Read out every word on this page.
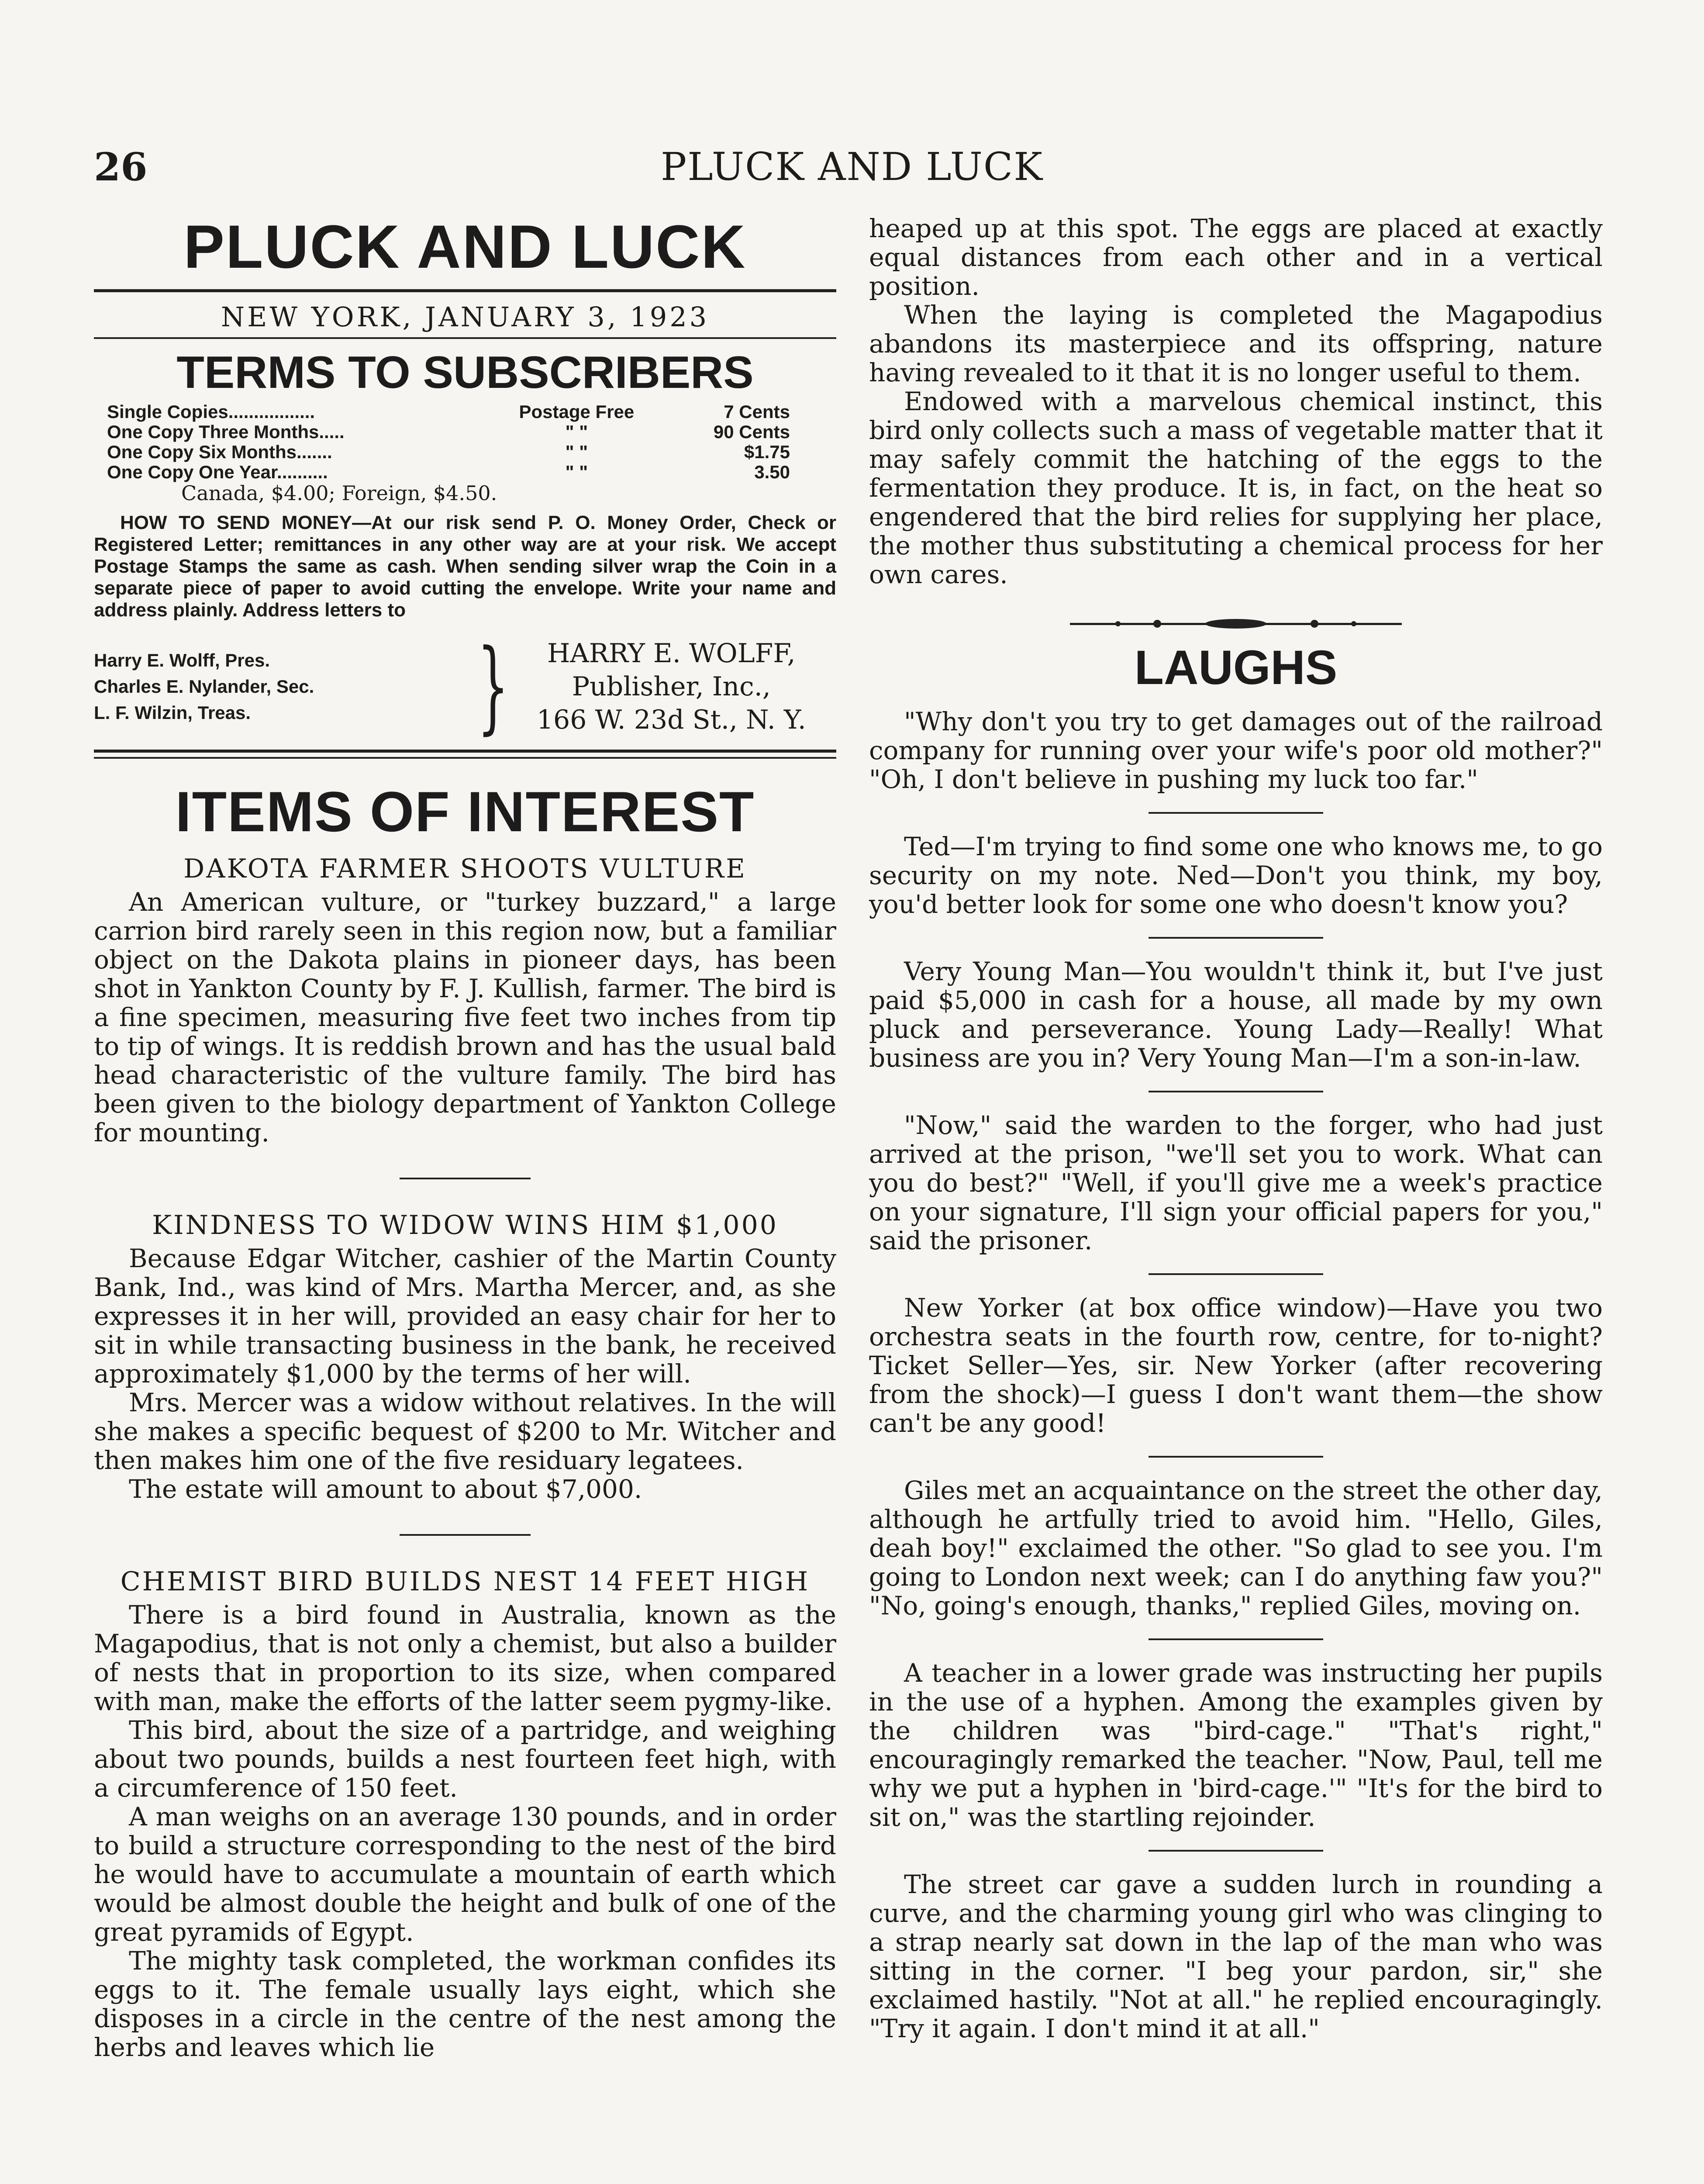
26	PLUCK AND LUCK
PLUCK AND LUCK
NEW YORK, JANUARY 3, 1923
TERMS TO SUBSCRIBERS
Single Copies.................	Postage Free	7 Cents
One Copy Three Months.....	" "	90 Cents
One Copy Six Months.......	" "	$1.75
One Copy One Year..........	" "	3.50
Canada, $4.00; Foreign, $4.50.
HOW TO SEND MONEY—At our risk send P. O. Money Order, Check or Registered Letter; remittances in any other way are at your risk. We accept Postage Stamps the same as cash. When sending silver wrap the Coin in a separate piece of paper to avoid cutting the envelope. Write your name and address plainly. Address letters to
Harry E. Wolff, Pres.
Charles E. Nylander, Sec.
L. F. Wilzin, Treas.	}	HARRY E. WOLFF,
Publisher, Inc.,
166 W. 23d St., N. Y.
ITEMS OF INTEREST
DAKOTA FARMER SHOOTS VULTURE

An American vulture, or "turkey buzzard," a large carrion bird rarely seen in this region now, but a familiar object on the Dakota plains in pioneer days, has been shot in Yankton County by F. J. Kullish, farmer. The bird is a fine specimen, measuring five feet two inches from tip to tip of wings. It is reddish brown and has the usual bald head characteristic of the vulture family. The bird has been given to the biology department of Yankton College for mounting.

KINDNESS TO WIDOW WINS HIM $1,000

Because Edgar Witcher, cashier of the Martin County Bank, Ind., was kind of Mrs. Martha Mercer, and, as she expresses it in her will, provided an easy chair for her to sit in while transacting business in the bank, he received approximately $1,000 by the terms of her will.

Mrs. Mercer was a widow without relatives. In the will she makes a specific bequest of $200 to Mr. Witcher and then makes him one of the five residuary legatees.

The estate will amount to about $7,000.

CHEMIST BIRD BUILDS NEST 14 FEET HIGH

There is a bird found in Australia, known as the Magapodius, that is not only a chemist, but also a builder of nests that in proportion to its size, when compared with man, make the efforts of the latter seem pygmy-like.

This bird, about the size of a partridge, and weighing about two pounds, builds a nest fourteen feet high, with a circumference of 150 feet.

A man weighs on an average 130 pounds, and in order to build a structure corresponding to the nest of the bird he would have to accumulate a mountain of earth which would be almost double the height and bulk of one of the great pyramids of Egypt.

The mighty task completed, the workman confides its eggs to it. The female usually lays eight, which she disposes in a circle in the centre of the nest among the herbs and leaves which lie

heaped up at this spot. The eggs are placed at exactly equal distances from each other and in a vertical position.

When the laying is completed the Magapodius abandons its masterpiece and its offspring, nature having revealed to it that it is no longer useful to them.

Endowed with a marvelous chemical instinct, this bird only collects such a mass of vegetable matter that it may safely commit the hatching of the eggs to the fermentation they produce. It is, in fact, on the heat so engendered that the bird relies for supplying her place, the mother thus substituting a chemical process for her own cares.

LAUGHS

"Why don't you try to get damages out of the railroad company for running over your wife's poor old mother?" "Oh, I don't believe in pushing my luck too far."

Ted—I'm trying to find some one who knows me, to go security on my note. Ned—Don't you think, my boy, you'd better look for some one who doesn't know you?

Very Young Man—You wouldn't think it, but I've just paid $5,000 in cash for a house, all made by my own pluck and perseverance. Young Lady—Really! What business are you in? Very Young Man—I'm a son-in-law.

"Now," said the warden to the forger, who had just arrived at the prison, "we'll set you to work. What can you do best?" "Well, if you'll give me a week's practice on your signature, I'll sign your official papers for you," said the prisoner.

New Yorker (at box office window)—Have you two orchestra seats in the fourth row, centre, for to-night? Ticket Seller—Yes, sir. New Yorker (after recovering from the shock)—I guess I don't want them—the show can't be any good!

Giles met an acquaintance on the street the other day, although he artfully tried to avoid him. "Hello, Giles, deah boy!" exclaimed the other. "So glad to see you. I'm going to London next week; can I do anything faw you?" "No, going's enough, thanks," replied Giles, moving on.

A teacher in a lower grade was instructing her pupils in the use of a hyphen. Among the examples given by the children was "bird-cage." "That's right," encouragingly remarked the teacher. "Now, Paul, tell me why we put a hyphen in 'bird-cage.'" "It's for the bird to sit on," was the startling rejoinder.

The street car gave a sudden lurch in rounding a curve, and the charming young girl who was clinging to a strap nearly sat down in the lap of the man who was sitting in the corner. "I beg your pardon, sir," she exclaimed hastily. "Not at all." he replied encouragingly. "Try it again. I don't mind it at all."
